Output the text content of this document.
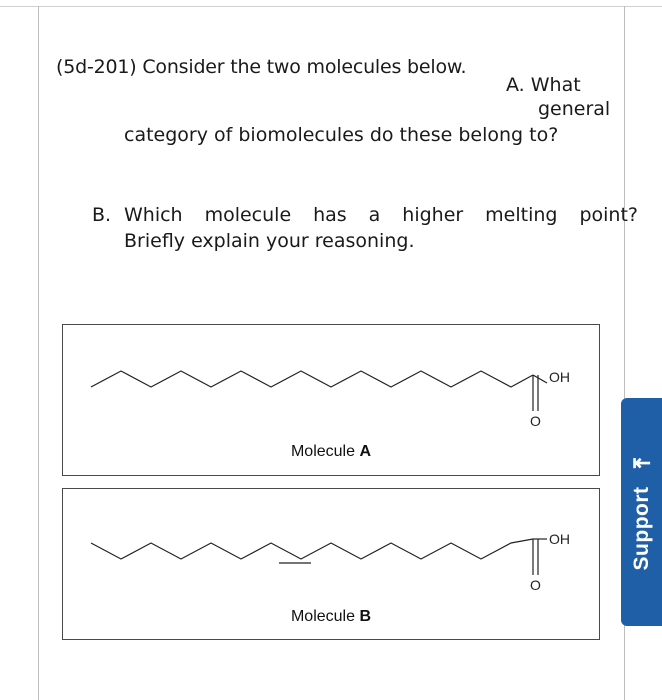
(5d-201) Consider the two molecules below.
A. What
general
category of biomolecules do these belong to?
B. Which molecule has a higher melting point?
Briefly explain your reasoning.
OH
O
Molecule A
OH
O
Molecule B
Support
⇤
